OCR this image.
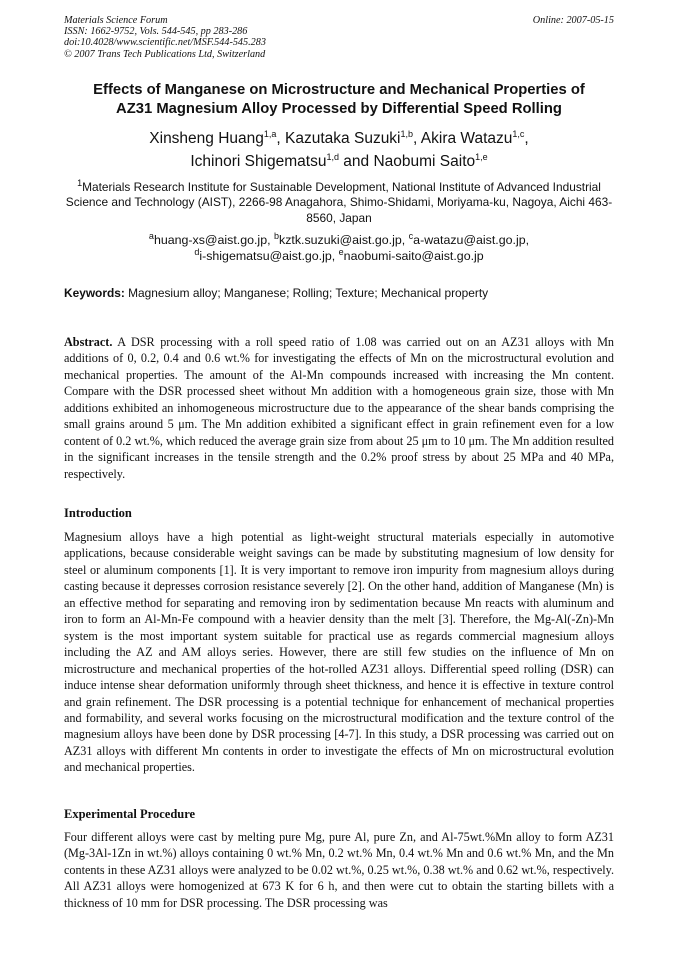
Materials Science Forum
ISSN: 1662-9752, Vols. 544-545, pp 283-286
doi:10.4028/www.scientific.net/MSF.544-545.283
© 2007 Trans Tech Publications Ltd, Switzerland
Online: 2007-05-15
Effects of Manganese on Microstructure and Mechanical Properties of
AZ31 Magnesium Alloy Processed by Differential Speed Rolling
Xinsheng Huang$^{1,a}$, Kazutaka Suzuki$^{1,b}$, Akira Watazu$^{1,c}$,
Ichinori Shigematsu$^{1,d}$ and Naobumi Saito$^{1,e}$
$^1$Materials Research Institute for Sustainable Development, National Institute of Advanced Industrial Science and Technology (AIST), 2266-98 Anagahora, Shimo-Shidami, Moriyama-ku, Nagoya, Aichi 463-8560, Japan
$^a$huang-xs@aist.go.jp, $^b$kztk.suzuki@aist.go.jp, $^c$a-watazu@aist.go.jp,
$^d$i-shigematsu@aist.go.jp, $^e$naobumi-saito@aist.go.jp
Keywords: Magnesium alloy; Manganese; Rolling; Texture; Mechanical property
Abstract. A DSR processing with a roll speed ratio of 1.08 was carried out on an AZ31 alloys with Mn additions of 0, 0.2, 0.4 and 0.6 wt.% for investigating the effects of Mn on the microstructural evolution and mechanical properties. The amount of the Al-Mn compounds increased with increasing the Mn content. Compare with the DSR processed sheet without Mn addition with a homogeneous grain size, those with Mn additions exhibited an inhomogeneous microstructure due to the appearance of the shear bands comprising the small grains around 5 μm. The Mn addition exhibited a significant effect in grain refinement even for a low content of 0.2 wt.%, which reduced the average grain size from about 25 μm to 10 μm. The Mn addition resulted in the significant increases in the tensile strength and the 0.2% proof stress by about 25 MPa and 40 MPa, respectively.
Introduction
Magnesium alloys have a high potential as light-weight structural materials especially in automotive applications, because considerable weight savings can be made by substituting magnesium of low density for steel or aluminum components [1]. It is very important to remove iron impurity from magnesium alloys during casting because it depresses corrosion resistance severely [2]. On the other hand, addition of Manganese (Mn) is an effective method for separating and removing iron by sedimentation because Mn reacts with aluminum and iron to form an Al-Mn-Fe compound with a heavier density than the melt [3]. Therefore, the Mg-Al(-Zn)-Mn system is the most important system suitable for practical use as regards commercial magnesium alloys including the AZ and AM alloys series. However, there are still few studies on the influence of Mn on microstructure and mechanical properties of the hot-rolled AZ31 alloys. Differential speed rolling (DSR) can induce intense shear deformation uniformly through sheet thickness, and hence it is effective in texture control and grain refinement. The DSR processing is a potential technique for enhancement of mechanical properties and formability, and several works focusing on the microstructural modification and the texture control of the magnesium alloys have been done by DSR processing [4-7]. In this study, a DSR processing was carried out on AZ31 alloys with different Mn contents in order to investigate the effects of Mn on microstructural evolution and mechanical properties.
Experimental Procedure
Four different alloys were cast by melting pure Mg, pure Al, pure Zn, and Al-75wt.%Mn alloy to form AZ31 (Mg-3Al-1Zn in wt.%) alloys containing 0 wt.% Mn, 0.2 wt.% Mn, 0.4 wt.% Mn and 0.6 wt.% Mn, and the Mn contents in these AZ31 alloys were analyzed to be 0.02 wt.%, 0.25 wt.%, 0.38 wt.% and 0.62 wt.%, respectively. All AZ31 alloys were homogenized at 673 K for 6 h, and then were cut to obtain the starting billets with a thickness of 10 mm for DSR processing. The DSR processing was
